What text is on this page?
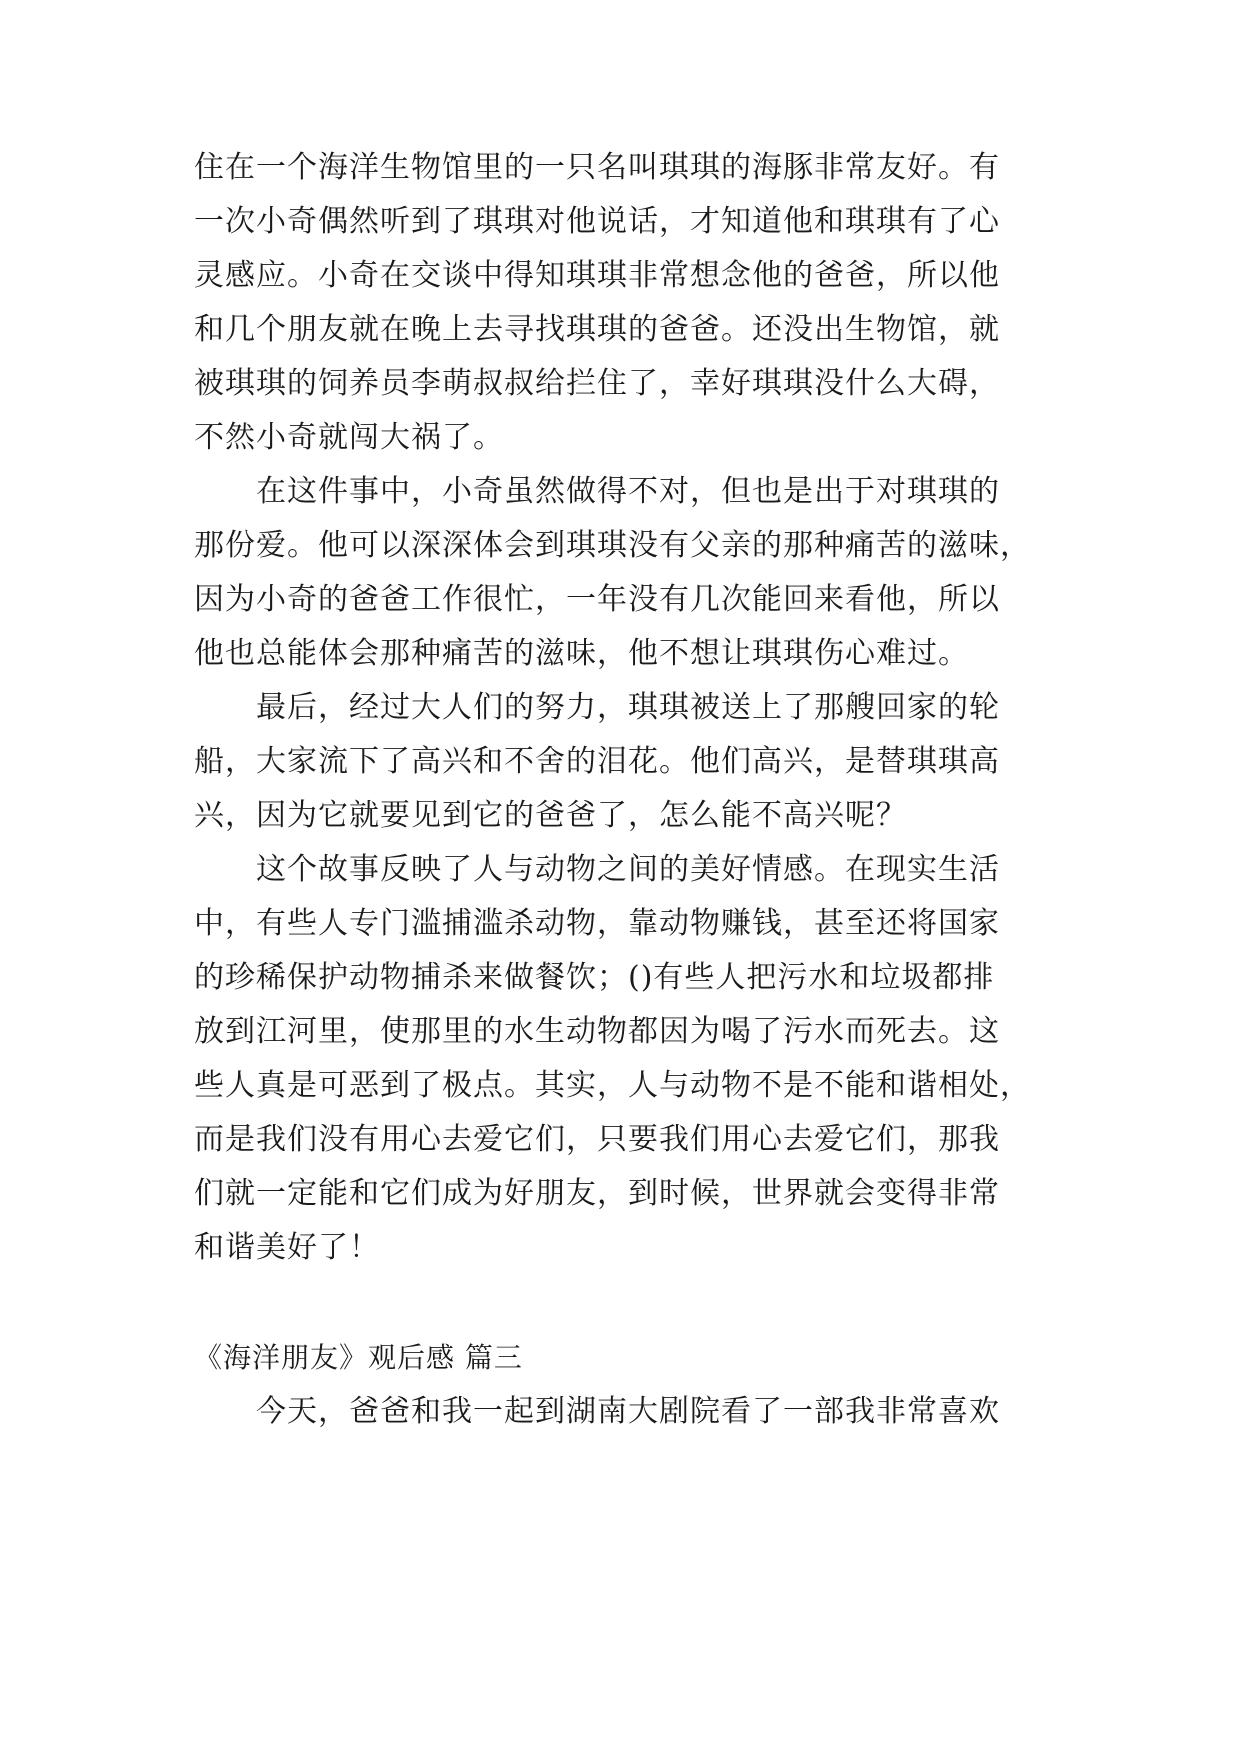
住在一个海洋生物馆里的一只名叫琪琪的海豚非常友好。有
一次小奇偶然听到了琪琪对他说话，才知道他和琪琪有了心
灵感应。小奇在交谈中得知琪琪非常想念他的爸爸，所以他
和几个朋友就在晚上去寻找琪琪的爸爸。还没出生物馆，就
被琪琪的饲养员李萌叔叔给拦住了，幸好琪琪没什么大碍，
不然小奇就闯大祸了。
在这件事中，小奇虽然做得不对，但也是出于对琪琪的
那份爱。他可以深深体会到琪琪没有父亲的那种痛苦的滋味，
因为小奇的爸爸工作很忙，一年没有几次能回来看他，所以
他也总能体会那种痛苦的滋味，他不想让琪琪伤心难过。
最后，经过大人们的努力，琪琪被送上了那艘回家的轮
船，大家流下了高兴和不舍的泪花。他们高兴，是替琪琪高
兴，因为它就要见到它的爸爸了，怎么能不高兴呢？
这个故事反映了人与动物之间的美好情感。在现实生活
中，有些人专门滥捕滥杀动物，靠动物赚钱，甚至还将国家
的珍稀保护动物捕杀来做餐饮；()有些人把污水和垃圾都排
放到江河里，使那里的水生动物都因为喝了污水而死去。这
些人真是可恶到了极点。其实，人与动物不是不能和谐相处，
而是我们没有用心去爱它们，只要我们用心去爱它们，那我
们就一定能和它们成为好朋友，到时候，世界就会变得非常
和谐美好了！
《海洋朋友》观后感 篇三
今天，爸爸和我一起到湖南大剧院看了一部我非常喜欢
